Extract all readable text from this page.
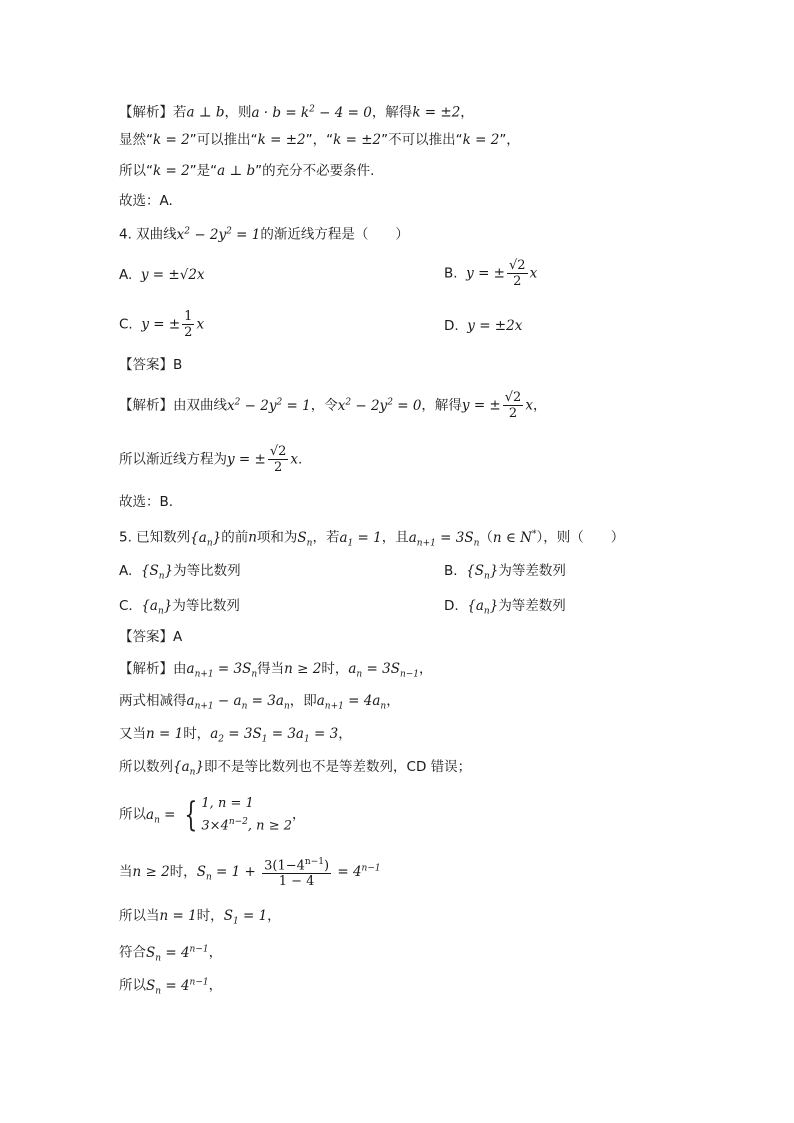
【解析】若a ⊥ b，则$a \cdot b = k^2 - 4 = 0$，解得k = ±2，
显然“k = 2”可以推出“k = ±2”，“k = ±2”不可以推出“k = 2”，
所以“k = 2”是“a ⊥ b”的充分不必要条件.
故选：A.
4. 双曲线$x^2 - 2y^2 = 1$的渐近线方程是（　　）
A. y = ±√2x	B. y = ± $\frac{√2}{2}$ x
C. y = ± $\frac{1}{2}$ x	D. y = ±2x
【答案】B
【解析】由双曲线$x^2 - 2y^2 = 1$，令$x^2 - 2y^2 = 0$，解得y = ± $\frac{√2}{2}$ x，
所以渐近线方程为y = ± $\frac{√2}{2} x$.
故选：B.
5. 已知数列$\{a_n\}$的前n项和为$S_n$，若$a_1 = 1$，且$a_{n+1} = 3S_n(n$ ∈ N*），则（　　）
A. $\{S_n\}$为等比数列	B. $\{S_n\}$为等差数列
C. $\{a_n\}$为等比数列	D. $\{a_n\}$为等差数列
【答案】A
【解析】由$a_{n+1} = 3S_n$得当n ≥ 2时，$a_n = 3S_{n-1}$，
两式相减得$a_{n+1} - a_n = 3a_n$，即$a_{n+1} = 4a_n$，
又当n = 1时，$a_2 = 3S_1 = 3a_1 = 3$，
所以数列$\{a_n\}$即不是等比数列也不是等差数列，CD 错误；
所以$a_n$ = { 1, n = 1
$3\times 4^{n-2}$, n ≥ 2，
当n ≥ 2时，$S_n = 1 + \frac{3(1-4^{n-1})}{1 - 4} = 4^{n-1}$
所以当n = 1时，$S_1 = 1$，
符合$S_n = 4^{n-1}$，
所以$S_n = 4^{n-1}$，
